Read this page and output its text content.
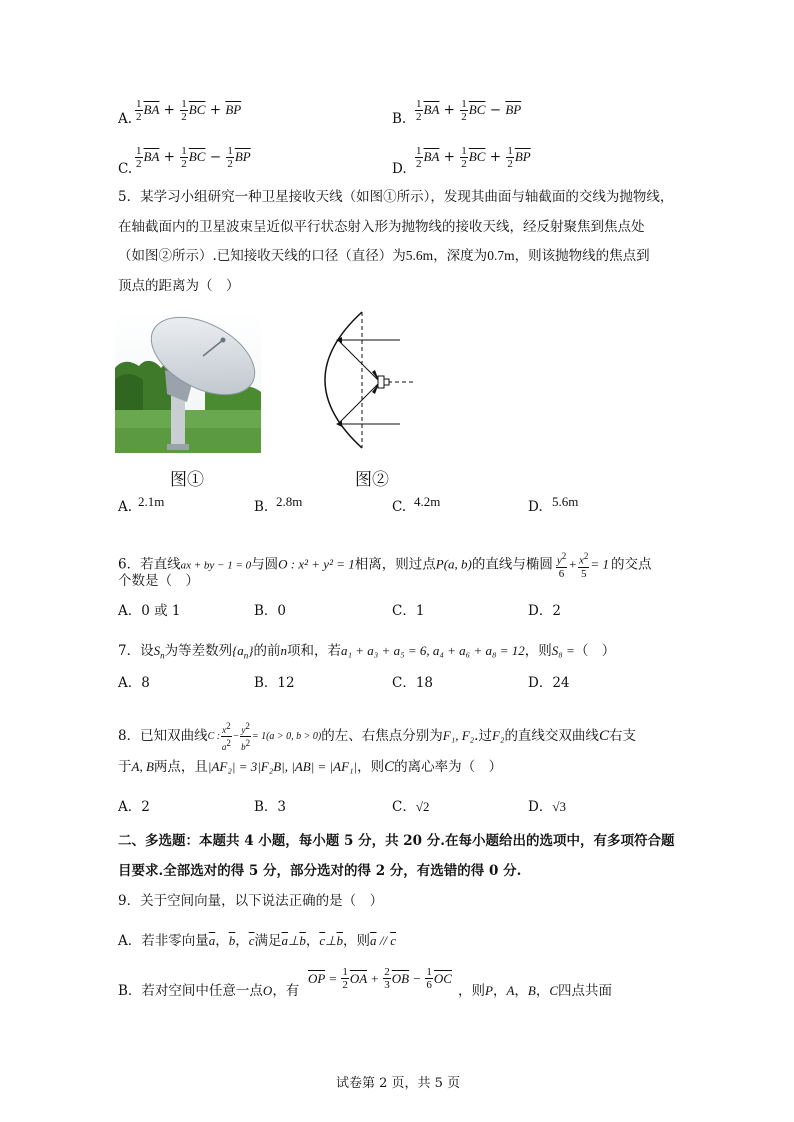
A. $\frac{1}{2} \overline{BA} + \frac{1}{2} \overline{BC} + \overline{BP}$
B. $\frac{1}{2} \overline{BA} + \frac{1}{2} \overline{BC} - \overline{BP}$
C. $\frac{1}{2} \overline{BA} + \frac{1}{2} \overline{BC} - \frac{1}{2} \overline{BP}$
D. $\frac{1}{2} \overline{BA} + \frac{1}{2} \overline{BC} + \frac{1}{2} \overline{BP}$
5．某学习小组研究一种卫星接收天线（如图①所示），发现其曲面与轴截面的交线为抛物线，
在轴截面内的卫星波束呈近似平行状态射入形为抛物线的接收天线，经反射聚焦到焦点处
（如图②所示）.已知接收天线的口径（直径）为5.6m，深度为0.7m，则该抛物线的焦点到
顶点的距离为（　）
图①	图②
A. 2.1m	B. 2.8m	C. 4.2m	D. 5.6m
6．若直线ax + by − 1 = 0与圆O : x² + y² = 1相离，则过点P(a, b)的直线与椭圆 $\frac{y^2}{6} + \frac{x^2}{5} = 1$ 的交点
个数是（　）
A．0 或 1	B．0	C．1	D．2
7．设$S_n$为等差数列$\{a_n\}$的前n项和，若a₁ + a₃ + a₅ = 6, a₄ + a₆ + a₈ = 12，则S₈ =（　）
A．8	B．12	C．18	D．24
8．已知双曲线C : $\frac{x^2}{a^2} - \frac{y^2}{b^2} = 1(a > 0$, b > 0)的左、右焦点分别为F₁, F₂.过F₂的直线交双曲线C右支
于A, B两点，且|AF₂| = 3|F₂B|, |AB| = |AF₁|，则C的离心率为（　）
A．2	B．3	C．√2	D．√3
二、多选题：本题共 4 小题，每小题 5 分，共 20 分.在每小题给出的选项中，有多项符合题
目要求.全部选对的得 5 分，部分选对的得 2 分，有选错的得 0 分.
9．关于空间向量，以下说法正确的是（　）
A．若非零向量$\overline{a}$，$\overline{b}$，$\overline{c}$满足$\overline{a}\perp\overline{b}$，$\overline{c}\perp\overline{b}$，则$\overline{a} // \overline{c}$
B．若对空间中任意一点O，有
$\overline{OP} = \frac{1}{2} \overline{OA} + \frac{2}{3} \overline{OB} - \frac{1}{6} \overline{OC}$
，则P，A，B，C四点共面
试卷第 2 页，共 5 页
